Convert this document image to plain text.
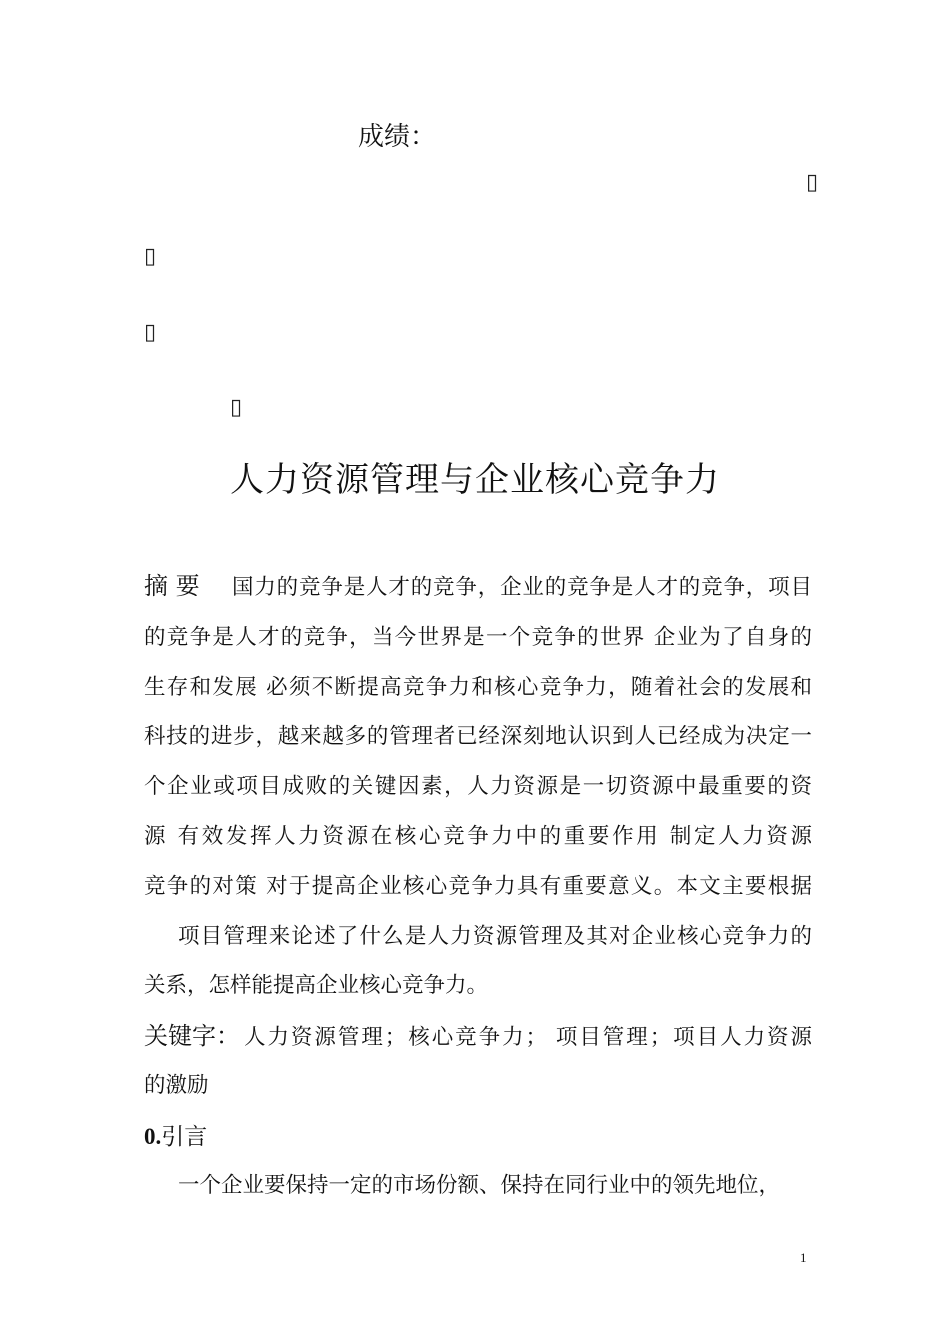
成绩：
▯
▯
▯
▯
人力资源管理与企业核心竞争力
摘 要 国力的竞争是人才的竞争，企业的竞争是人才的竞争，项目
的竞争是人才的竞争，当今世界是一个竞争的世界 企业为了自身的
生存和发展 必须不断提高竞争力和核心竞争力，随着社会的发展和
科技的进步，越来越多的管理者已经深刻地认识到人已经成为决定一
个企业或项目成败的关键因素，人力资源是一切资源中最重要的资
源 有效发挥人力资源在核心竞争力中的重要作用 制定人力资源
竞争的对策 对于提高企业核心竞争力具有重要意义。本文主要根据
项目管理来论述了什么是人力资源管理及其对企业核心竞争力的
关系，怎样能提高企业核心竞争力。
关键字： 人力资源管理；核心竞争力； 项目管理；项目人力资源
的激励
0.引言
一个企业要保持一定的市场份额、保持在同行业中的领先地位，
1
